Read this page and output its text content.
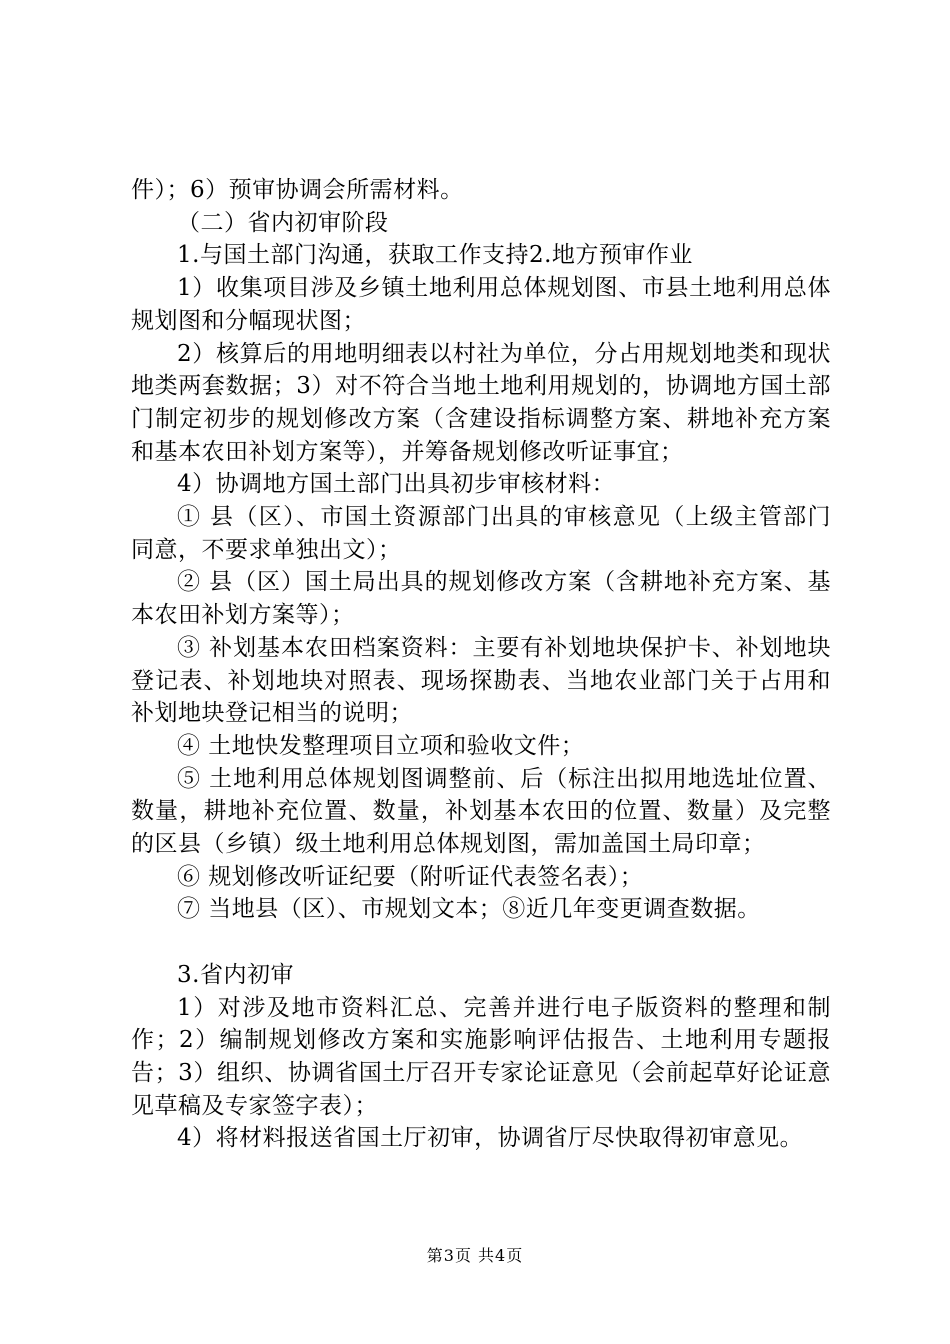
件）；6）预审协调会所需材料。

（二）省内初审阶段

1.与国土部门沟通，获取工作支持2.地方预审作业

1）收集项目涉及乡镇土地利用总体规划图、市县土地利用总体规划图和分幅现状图；

2）核算后的用地明细表以村社为单位，分占用规划地类和现状地类两套数据；3）对不符合当地土地利用规划的，协调地方国土部门制定初步的规划修改方案（含建设指标调整方案、耕地补充方案和基本农田补划方案等），并筹备规划修改听证事宜；

4）协调地方国土部门出具初步审核材料：

① 县（区）、市国土资源部门出具的审核意见（上级主管部门同意，不要求单独出文）；

② 县（区）国土局出具的规划修改方案（含耕地补充方案、基本农田补划方案等）；

③ 补划基本农田档案资料：主要有补划地块保护卡、补划地块登记表、补划地块对照表、现场探勘表、当地农业部门关于占用和补划地块登记相当的说明；

④ 土地快发整理项目立项和验收文件；

⑤ 土地利用总体规划图调整前、后（标注出拟用地选址位置、数量，耕地补充位置、数量，补划基本农田的位置、数量）及完整的区县（乡镇）级土地利用总体规划图，需加盖国土局印章；

⑥ 规划修改听证纪要（附听证代表签名表）；

⑦ 当地县（区）、市规划文本；⑧近几年变更调查数据。

3.省内初审

1）对涉及地市资料汇总、完善并进行电子版资料的整理和制作；2）编制规划修改方案和实施影响评估报告、土地利用专题报告；3）组织、协调省国土厅召开专家论证意见（会前起草好论证意见草稿及专家签字表）；

4）将材料报送省国土厅初审，协调省厅尽快取得初审意见。

第3页 共4页
